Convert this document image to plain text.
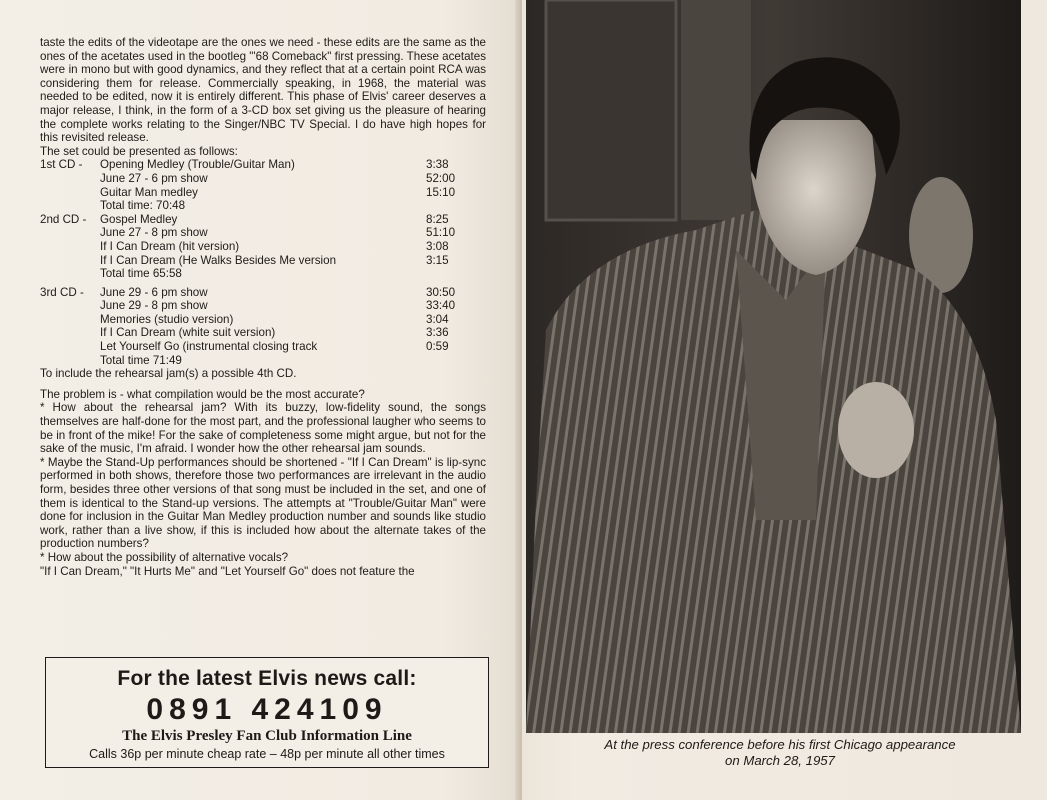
taste the edits of the videotape are the ones we need - these edits are the same as the ones of the acetates used in the bootleg "'68 Comeback" first pressing. These acetates were in mono but with good dynamics, and they reflect that at a certain point RCA was considering them for release. Commercially speaking, in 1968, the material was needed to be edited, now it is entirely different. This phase of Elvis' career deserves a major release, I think, in the form of a 3-CD box set giving us the pleasure of hearing the complete works relating to the Singer/NBC TV Special. I do have high hopes for this revisited release.

The set could be presented as follows:

1st CD -	Opening Medley (Trouble/Guitar Man)	3:38
June 27 - 6 pm show	52:00
Guitar Man medley	15:10
Total time: 70:48
2nd CD -	Gospel Medley	8:25
June 27 - 8 pm show	51:10
If I Can Dream (hit version)	3:08
If I Can Dream (He Walks Besides Me version	3:15
Total time 65:58
3rd CD -	June 29 - 6 pm show	30:50
June 29 - 8 pm show	33:40
Memories (studio version)	3:04
If I Can Dream (white suit version)	3:36
Let Yourself Go (instrumental closing track	0:59
Total time 71:49

To include the rehearsal jam(s) a possible 4th CD.

The problem is - what compilation would be the most accurate?

* How about the rehearsal jam? With its buzzy, low-fidelity sound, the songs themselves are half-done for the most part, and the professional laugher who seems to be in front of the mike! For the sake of completeness some might argue, but not for the sake of the music, I'm afraid. I wonder how the other rehearsal jam sounds.

* Maybe the Stand-Up performances should be shortened - "If I Can Dream" is lip-sync performed in both shows, therefore those two performances are irrelevant in the audio form, besides three other versions of that song must be included in the set, and one of them is identical to the Stand-up versions. The attempts at "Trouble/Guitar Man" were done for inclusion in the Guitar Man Medley production number and sounds like studio work, rather than a live show, if this is included how about the alternate takes of the production numbers?

* How about the possibility of alternative vocals?

"If I Can Dream," "It Hurts Me" and "Let Yourself Go" does not feature the

For the latest Elvis news call:
0891 424109
The Elvis Presley Fan Club Information Line
Calls 36p per minute cheap rate – 48p per minute all other times
At the press conference before his first Chicago appearance
on March 28, 1957
